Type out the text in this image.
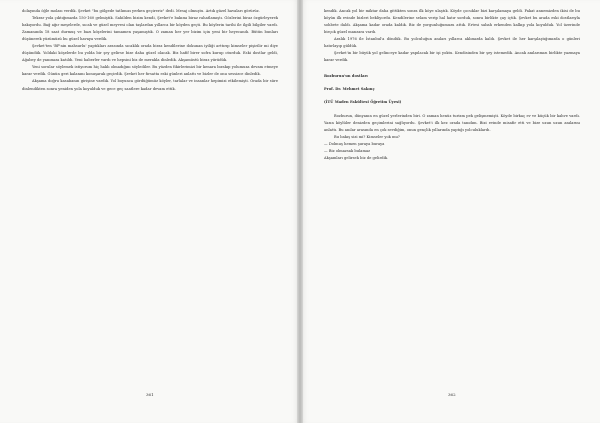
dolayında öğle molası verdik. Şevket "bu gölgede tatlımızı yerken geçireriz" dedi. Mesaj olmuştu. Artık güzel havaları görürüz.

Tekrar yola çıktığımızda 150-160 gelmiştik. Sahilden bizim kendi, Şevket'e bakımı biraz rahatlamıştı. Gözlerini biraz özgürleyerek bakıyordu. Bağ ağır meşelerde, sıcak ve güzel meyvesi olan taşlardan yıllarca bir köyden geçti. Bu köylerin tarihi ile ilgili bilgiler vardı. Zamanında 18 saat durmuş ve bazı köşelerini tamamen yaşamıştık. O zaman her yer bizim için yeni bir heyecandı. Bütün bunları düşünerek yüzümüzü bu güzel havaya verdik.

Şevket'ten 'BP'nin mahsurlu' yaptıkları arasında sıcaklık orada biraz kendilerine dokunan iyiliği arttırıp kimseler pişirilir mi diye düşündük. Yoldaki köşelerde bu yolda bir şey gelirse bize daha güzel olacak. Biz hafif birer sofra kurup oturduk. Eski dostlar geldi, Ağabey de yanımıza katıldı. Yeni haberler vardı ve hepsini biz de merakla dinledik. Akşamüstü biraz yürüdük.

Yeni sorular söylemek istiyorum hiç haklı olmadığını söylediler. Bu yüzden fikirlerimizi bir kenara bırakıp yolumuza devam etmeye karar verdik. Günün geri kalanını konuşarak geçirdik. Şevket her fırsatta eski günleri anlattı ve bizler de onu sessizce dinledik.

Akşama doğru kasabanın girişine vardık. Yol boyunca gördüğümüz köyler, tarlalar ve insanlar hepimizi etkilemişti. Orada bir süre dinlendikten sonra yeniden yola koyulduk ve gece geç saatlere kadar devam ettik.

361

kendik. Ancak yol bir miktar daha gittikten sonra ilk köye ulaştık. Köyde çocuklar bizi karşılamaya geldi. Fakat annemizden ikisi de bu köyün ilk evinde bizleri bekliyordu. Kendilerine selam verip hal hatır sorduk, sonra birlikte çay içtik. Şevket bu arada eski dostlarıyla sohbete daldı. Akşama kadar orada kaldık. Biz de yorgunluğumuzu attık. Ertesi sabah erkenden kalkıp yola koyulduk. Yol üzerinde birçok güzel manzara vardı.

Aralık 1976 ile İstanbul'a döndük. Bu yolculuğun anıları yıllarca aklımızda kaldı. Şevket ile her karşılaştığımızda o günleri hatırlayıp güldük.

Şevket'in bir büyük yol gelinceye kadar yapılacak bir işi yoktu. Kendisinden bir şey istemedik. Ancak anılarımızı birlikte yazmaya karar verdik.

Bozburun'un dostları

Prof. Dr. Mehmet Sakınç

(İTÜ Maden Fakültesi Öğretim Üyesi)

Bozburun, dünyanın en güzel yerlerinden biri. O zaman henüz turizm pek gelişmemişti. Köyde birkaç ev ve küçük bir kahve vardı. Yazın köylüler denizden geçimlerini sağlıyordu. Şevket'i ilk kez orada tanıdım. Bizi evinde misafir etti ve bize uzun uzun anılarını anlattı. Bu anılar arasında en çok sevdiğim, onun gençlik yıllarında yaptığı yolculuklardı.

Bu bakış sizi mi? Kimseler yok mu?

— Dolmuş hemen şuraya buraya

— Biz olmazsak bulamaz

Akşamları gelirsek biz de gelirdik.

362
